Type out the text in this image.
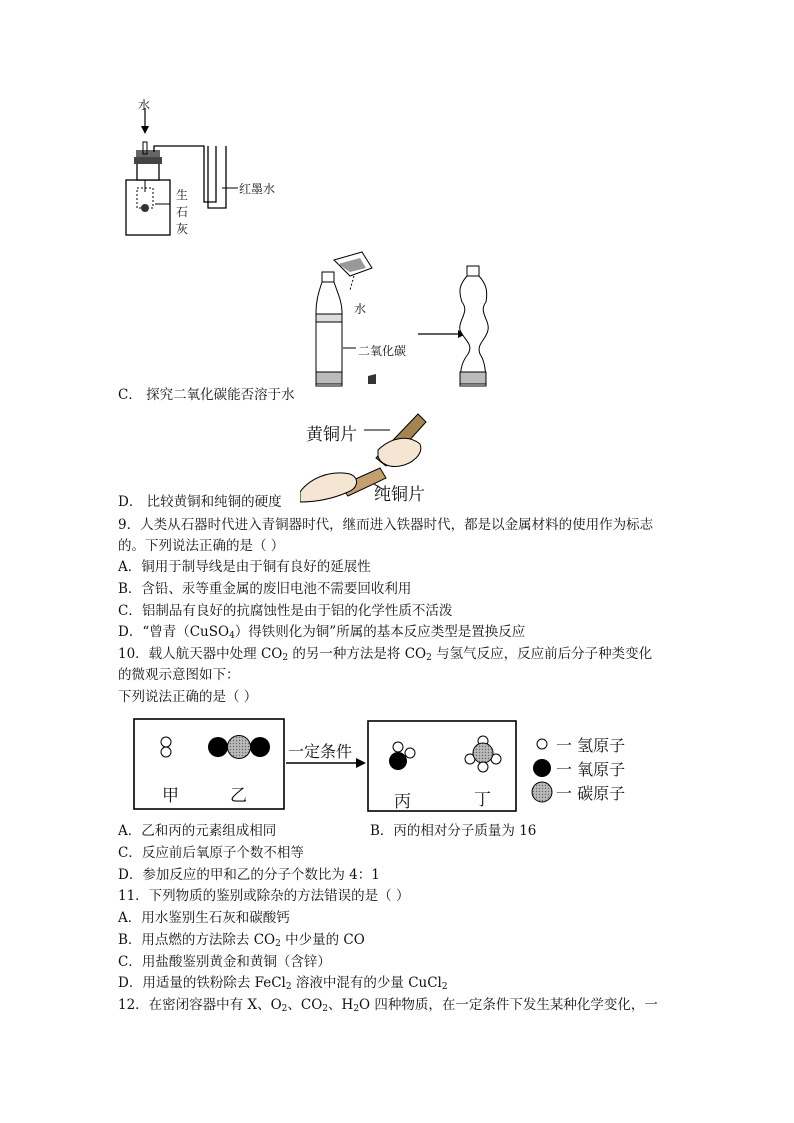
水
红墨水
生
石
灰
水
二氧化碳
C． 探究二氧化碳能否溶于水
黄铜片
纯铜片
D． 比较黄铜和纯铜的硬度
9．人类从石器时代进入青铜器时代，继而进入铁器时代，都是以金属材料的使用作为标志
的。下列说法正确的是（ ）
A．铜用于制导线是由于铜有良好的延展性
B．含铅、汞等重金属的废旧电池不需要回收利用
C．铝制品有良好的抗腐蚀性是由于铝的化学性质不活泼
D．“曾青（CuSO$_4$）得铁则化为铜”所属的基本反应类型是置换反应
10．载人航天器中处理 $CO_2$ 的另一种方法是将 $CO_2$ 与氢气反应，反应前后分子种类变化
的微观示意图如下：
下列说法正确的是（ ）
甲	乙
一定条件
丙	丁
一 氢原子
一 氧原子
一 碳原子
A．乙和丙的元素组成相同	B．丙的相对分子质量为 16
C．反应前后氧原子个数不相等
D．参加反应的甲和乙的分子个数比为 4：1
11．下列物质的鉴别或除杂的方法错误的是（ ）
A．用水鉴别生石灰和碳酸钙
B．用点燃的方法除去 $CO_2$ 中少量的 CO
C．用盐酸鉴别黄金和黄铜（含锌）
D．用适量的铁粉除去 FeCl$_2$ 溶液中混有的少量 CuCl$_2$
12．在密闭容器中有 X、$O_2$、$CO_2$、$H_2O$ 四种物质，在一定条件下发生某种化学变化，一
